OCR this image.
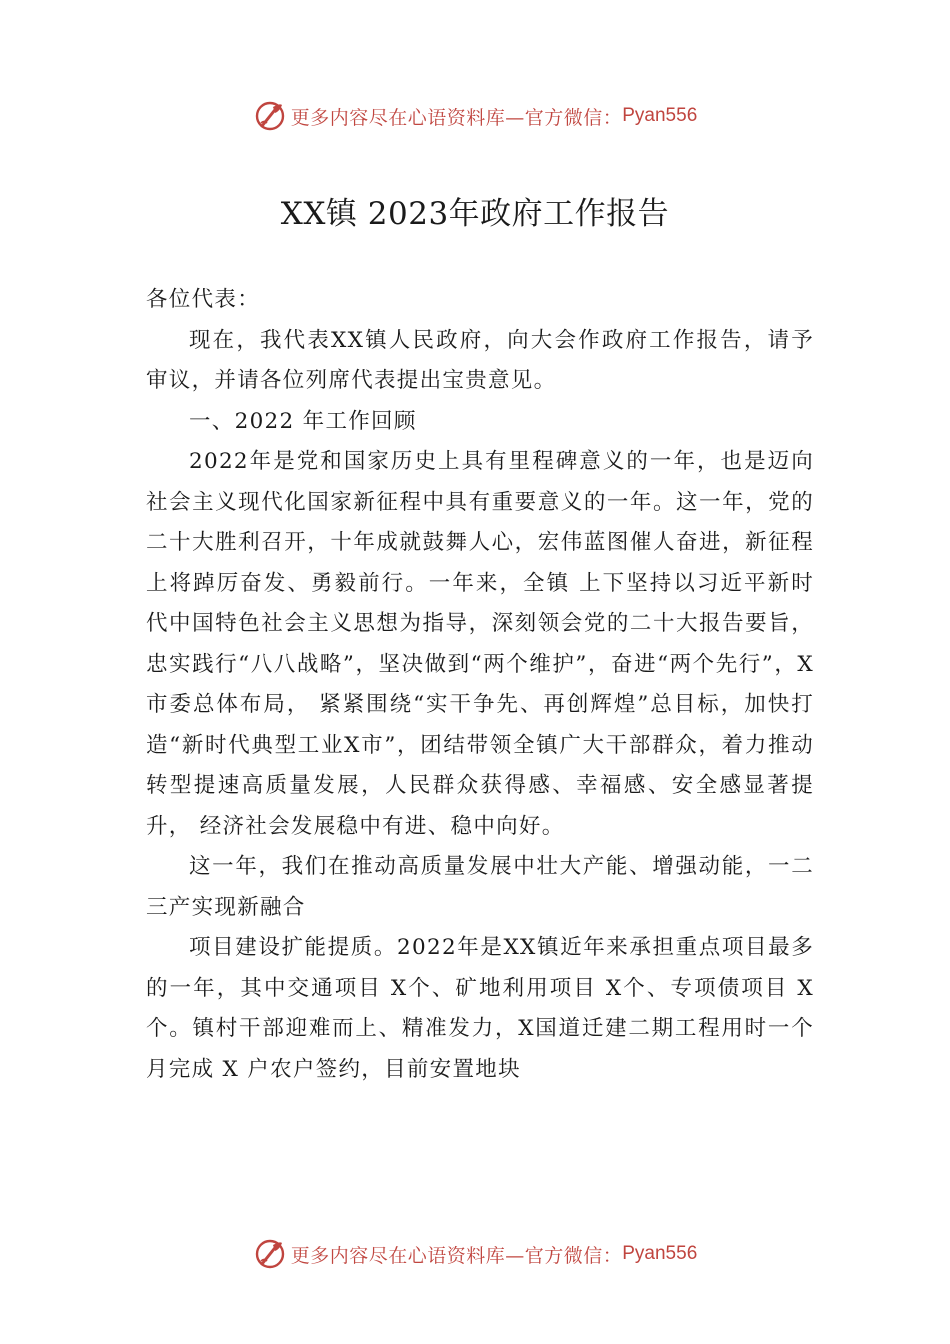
更多内容尽在心语资料库—官方微信： Pyan556
XX镇 2023年政府工作报告

各位代表：

现在，我代表XX镇人民政府，向大会作政府工作报告，请予审议，并请各位列席代表提出宝贵意见。

一、2022 年工作回顾

2022年是党和国家历史上具有里程碑意义的一年，也是迈向社会主义现代化国家新征程中具有重要意义的一年。这一年，党的二十大胜利召开，十年成就鼓舞人心，宏伟蓝图催人奋进，新征程上将踔厉奋发、勇毅前行。一年来，全镇 上下坚持以习近平新时代中国特色社会主义思想为指导，深刻领会党的二十大报告要旨，忠实践行“八八战略”，坚决做到“两个维护”，奋进“两个先行”，X市委总体布局， 紧紧围绕“实干争先、再创辉煌”总目标，加快打造“新时代典型工业X市”，团结带领全镇广大干部群众，着力推动转型提速高质量发展，人民群众获得感、幸福感、安全感显著提升， 经济社会发展稳中有进、稳中向好。

这一年，我们在推动高质量发展中壮大产能、增强动能，一二三产实现新融合

项目建设扩能提质。2022年是XX镇近年来承担重点项目最多的一年，其中交通项目 X个、矿地利用项目 X个、专项债项目 X个。镇村干部迎难而上、精准发力，X国道迁建二期工程用时一个月完成 X 户农户签约，目前安置地块

更多内容尽在心语资料库—官方微信： Pyan556
